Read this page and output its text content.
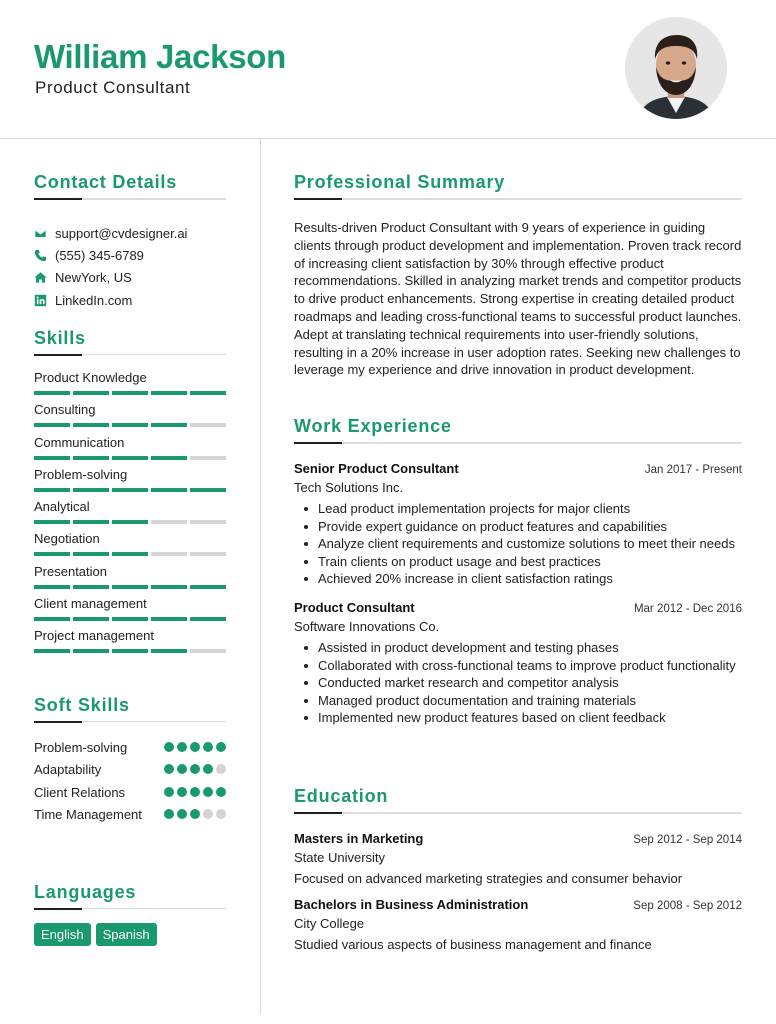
William Jackson
Product Consultant
Contact Details
support@cvdesigner.ai
(555) 345-6789
NewYork, US
LinkedIn.com
Skills
Product Knowledge
Consulting
Communication
Problem-solving
Analytical
Negotiation
Presentation
Client management
Project management
Soft Skills
Problem-solving
Adaptability
Client Relations
Time Management
Languages
English	Spanish
Professional Summary
Results-driven Product Consultant with 9 years of experience in guiding clients through product development and implementation. Proven track record of increasing client satisfaction by 30% through effective product recommendations. Skilled in analyzing market trends and competitor products to drive product enhancements. Strong expertise in creating detailed product roadmaps and leading cross-functional teams to successful product launches. Adept at translating technical requirements into user-friendly solutions, resulting in a 20% increase in user adoption rates. Seeking new challenges to leverage my experience and drive innovation in product development.
Work Experience
Senior Product Consultant	Jan 2017 - Present
Tech Solutions Inc.
Lead product implementation projects for major clients
Provide expert guidance on product features and capabilities
Analyze client requirements and customize solutions to meet their needs
Train clients on product usage and best practices
Achieved 20% increase in client satisfaction ratings
Product Consultant	Mar 2012 - Dec 2016
Software Innovations Co.
Assisted in product development and testing phases
Collaborated with cross-functional teams to improve product functionality
Conducted market research and competitor analysis
Managed product documentation and training materials
Implemented new product features based on client feedback
Education
Masters in Marketing	Sep 2012 - Sep 2014
State University
Focused on advanced marketing strategies and consumer behavior
Bachelors in Business Administration	Sep 2008 - Sep 2012
City College
Studied various aspects of business management and finance
